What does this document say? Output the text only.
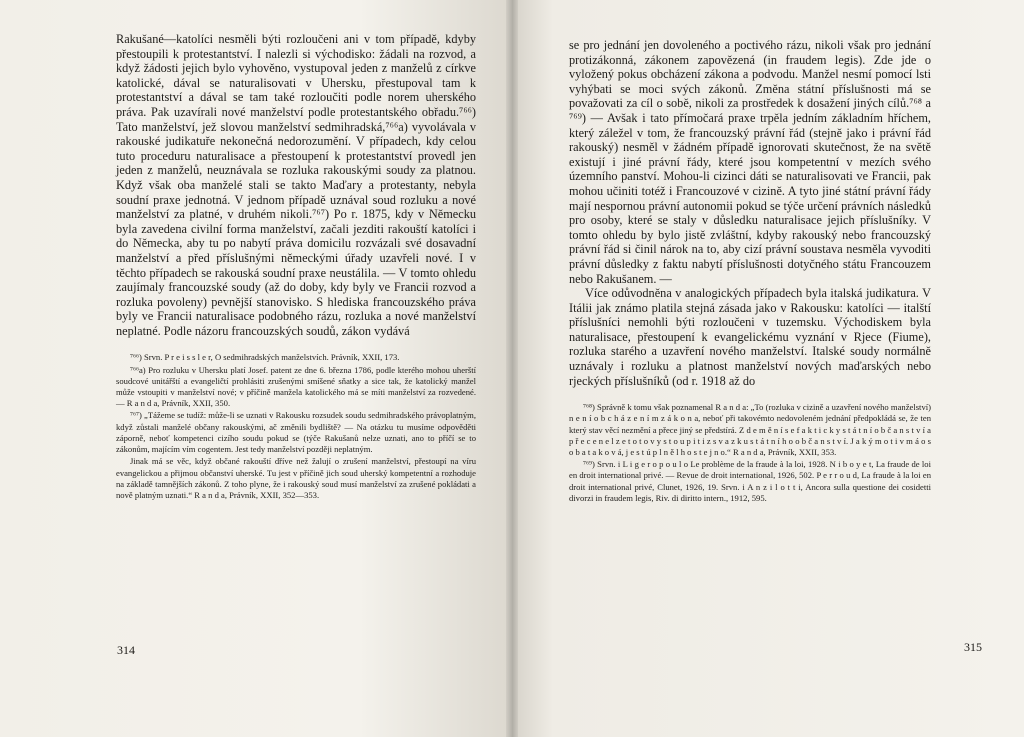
Rakušané—katolíci nesměli býti rozloučeni ani v tom případě, kdyby přestoupili k protestantství. I nalezli si východisko: žádali na rozvod, a když žádosti jejich bylo vyhověno, vystupoval jeden z manželů z církve katolické, dával se naturalisovati v Uhersku, přestupoval tam k protestantství a dával se tam také rozloučiti podle norem uherského práva. Pak uzavírali nové manželství podle protestantského obřadu.⁷⁶⁶) Tato manželství, jež slovou manželství sedmihradská,⁷⁶⁶a) vyvolávala v rakouské judikatuře nekonečná nedorozumění. V případech, kdy celou tuto proceduru naturalisace a přestoupení k protestantství provedl jen jeden z manželů, neuznávala se rozluka rakouskými soudy za platnou. Když však oba manželé stali se takto Maďary a protestanty, nebyla soudní praxe jednotná. V jednom případě uznával soud rozluku a nové manželství za platné, v druhém nikoli.⁷⁶⁷) Po r. 1875, kdy v Německu byla zavedena civilní forma manželství, začali jezditi rakouští katolíci i do Německa, aby tu po nabytí práva domicilu rozvázali své dosavadní manželství a před příslušnými německými úřady uzavřeli nové. I v těchto případech se rakouská soudní praxe neustálila. — V tomto ohledu zaujímaly francouzské soudy (až do doby, kdy byly ve Francii rozvod a rozluka povoleny) pevnější stanovisko. S hlediska francouzského práva byly ve Francii naturalisace podobného rázu, rozluka a nové manželství neplatné. Podle názoru francouzských soudů, zákon vydává

⁷⁶⁶) Srvn. P r e i s s l e r, O sedmihradských manželstvích. Právník, XXII, 173.

⁷⁶⁶a) Pro rozluku v Uhersku platí Josef. patent ze dne 6. března 1786, podle kterého mohou uherští soudcové unitářští a evangeličtí prohlásiti zrušenými smíšené sňatky a sice tak, že katolický manžel může vstoupiti v manželství nové; v příčině manžela katolického má se míti manželství za rozvedené. — R a n d a, Právník, XXII, 350.

⁷⁶⁷) „Tážeme se tudíž: může-li se uznati v Rakousku rozsudek soudu sedmihradského právoplatným, když zůstali manželé občany rakouskými, ač změnili bydliště? — Na otázku tu musíme odpověděti záporně, neboť kompetenci cizího soudu pokud se (týče Rakušanů nelze uznati, ano to příčí se to zákonům, majícím vím cogentem. Jest tedy manželství později neplatným.

Jinak má se věc, když občané rakouští dříve než žalují o zrušení manželství, přestoupí na víru evangelickou a přijmou občanství uherské. Tu jest v příčině jich soud uherský kompetentní a rozhoduje na základě tamnějších zákonů. Z toho plyne, že i rakouský soud musí manželství za zrušené pokládati a nově platným uznati.“ R a n d a, Právník, XXII, 352—353.

314

se pro jednání jen dovoleného a poctivého rázu, nikoli však pro jednání protizákonná, zákonem zapovězená (in fraudem legis). Zde jde o vyložený pokus obcházení zákona a podvodu. Manžel nesmí pomocí lsti vyhýbati se moci svých zákonů. Změna státní příslušnosti má se považovati za cíl o sobě, nikoli za prostředek k dosažení jiných cílů.⁷⁶⁸ a ⁷⁶⁹) — Avšak i tato přímočará praxe trpěla jedním základním hříchem, který záležel v tom, že francouzský právní řád (stejně jako i právní řád rakouský) nesměl v žádném případě ignorovati skutečnost, že na světě existují i jiné právní řády, které jsou kompetentní v mezích svého územního panství. Mohou-li cizinci dáti se naturalisovati ve Francii, pak mohou učiniti totéž i Francouzové v cizině. A tyto jiné státní právní řády mají nespornou právní autonomii pokud se týče určení právních následků pro osoby, které se staly v důsledku naturalisace jejich příslušníky. V tomto ohledu by bylo jistě zvláštní, kdyby rakouský nebo francouzský právní řád si činil nárok na to, aby cizí právní soustava nesměla vyvoditi právní důsledky z faktu nabytí příslušnosti dotyčného státu Francouzem nebo Rakušanem. —

Více odůvodněna v analogických případech byla italská judikatura. V Itálii jak známo platila stejná zásada jako v Rakousku: katolíci — italští příslušníci nemohli býti rozloučeni v tuzemsku. Východiskem byla naturalisace, přestoupení k evangelickému vyznání v Rjece (Fiume), rozluka starého a uzavření nového manželství. Italské soudy normálně uznávaly i rozluku a platnost manželství nových maďarských nebo rjeckých příslušníků (od r. 1918 až do

⁷⁶⁸) Správně k tomu však poznamenal R a n d a: „To (rozluka v cizině a uzavření nového manželství) n e n í o b c h á z e n í m z á k o n a, neboť při takovémto nedovoleném jednání předpokládá se, že ten který stav věcí nezmění a přece jiný se předstírá. Z d e m ě n í s e f a k t i c k y s t á t n í o b č a n s t v í a p ř e c e n e l z e t o t o v y s t o u p i t i z s v a z k u s t á t n í h o o b č a n s t v í. J a k ý m o t i v m á o s o b a t a k o v á, j e s t ú p l n ě l h o s t e j n o.“ R a n d a, Právník, XXII, 353.

⁷⁶⁹) Srvn. i L i g e r o p o u l o Le problème de la fraude à la loi, 1928. N i b o y e t, La fraude de loi en droit international privé. — Revue de droit international, 1926, 502. P e r r o u d, La fraude à la loi en droit international privé, Clunet, 1926, 19. Srvn. i A n z i l o t t i, Ancora sulla questione dei cosidetti divorzi in fraudem legis, Riv. di diritto intern., 1912, 595.

315
